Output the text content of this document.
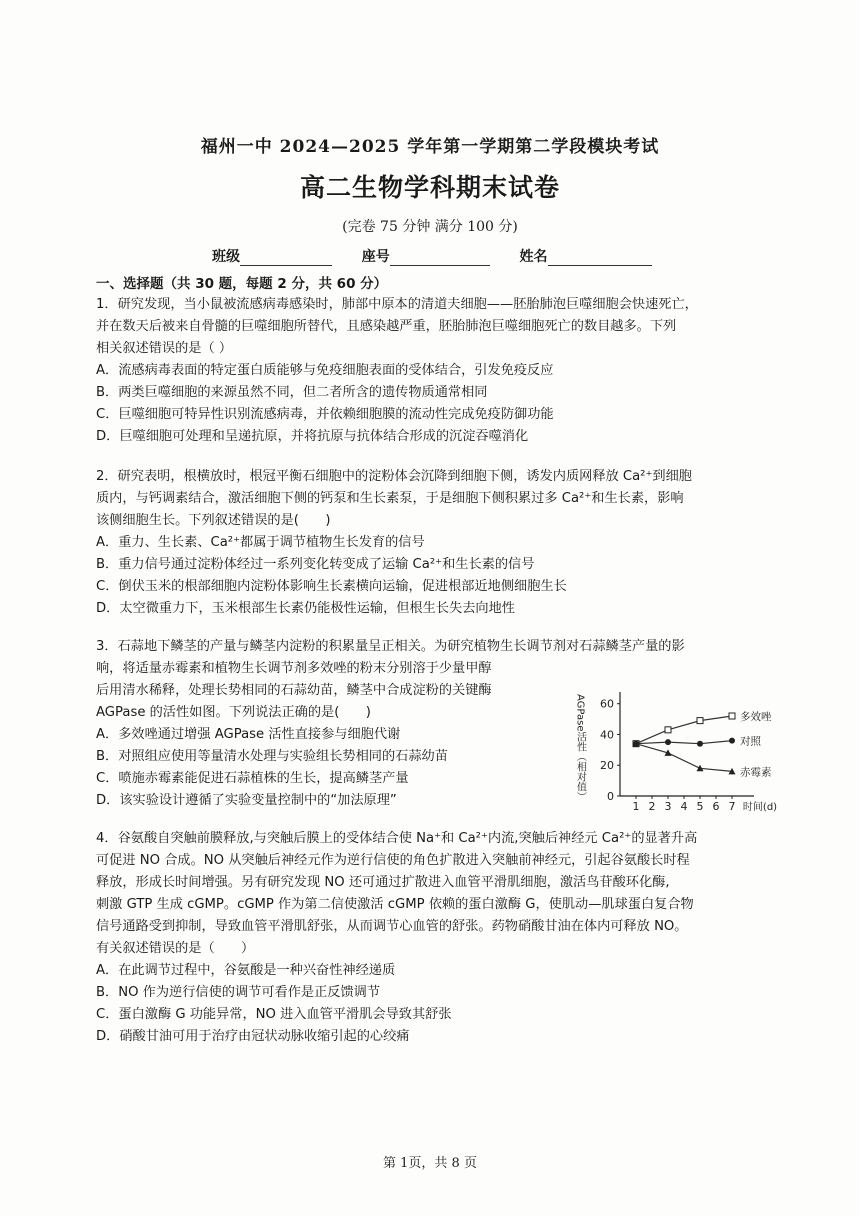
福州一中 2024—2025 学年第一学期第二学段模块考试
高二生物学科期末试卷
(完卷 75 分钟 满分 100 分)
班级	座号	姓名
一、选择题（共 30 题，每题 2 分，共 60 分）

1．研究发现，当小鼠被流感病毒感染时，肺部中原本的清道夫细胞——胚胎肺泡巨噬细胞会快速死亡，

并在数天后被来自骨髓的巨噬细胞所替代，且感染越严重，胚胎肺泡巨噬细胞死亡的数目越多。下列

相关叙述错误的是（ ）

A．流感病毒表面的特定蛋白质能够与免疫细胞表面的受体结合，引发免疫反应

B．两类巨噬细胞的来源虽然不同，但二者所含的遗传物质通常相同

C．巨噬细胞可特异性识别流感病毒，并依赖细胞膜的流动性完成免疫防御功能

D．巨噬细胞可处理和呈递抗原，并将抗原与抗体结合形成的沉淀吞噬消化

2．研究表明，根横放时，根冠平衡石细胞中的淀粉体会沉降到细胞下侧，诱发内质网释放 Ca²⁺到细胞

质内，与钙调素结合，激活细胞下侧的钙泵和生长素泵，于是细胞下侧积累过多 Ca²⁺和生长素，影响

该侧细胞生长。下列叙述错误的是(　　)

A．重力、生长素、Ca²⁺都属于调节植物生长发育的信号

B．重力信号通过淀粉体经过一系列变化转变成了运输 Ca²⁺和生长素的信号

C．倒伏玉米的根部细胞内淀粉体影响生长素横向运输，促进根部近地侧细胞生长

D．太空微重力下，玉米根部生长素仍能极性运输，但根生长失去向地性

3．石蒜地下鳞茎的产量与鳞茎内淀粉的积累量呈正相关。为研究植物生长调节剂对石蒜鳞茎产量的影

响，将适量赤霉素和植物生长调节剂多效唑的粉末分别溶于少量甲醇

后用清水稀释，处理长势相同的石蒜幼苗，鳞茎中合成淀粉的关键酶

AGPase 的活性如图。下列说法正确的是(　　)

A．多效唑通过增强 AGPase 活性直接参与细胞代谢

B．对照组应使用等量清水处理与实验组长势相同的石蒜幼苗

C．喷施赤霉素能促进石蒜植株的生长，提高鳞茎产量

D．该实验设计遵循了实验变量控制中的“加法原理”	0
20
40
60
1 2 3 4 5 6 7 时间(d)
AGPase活性（相对值）	多效唑
对照
赤霉素

4．谷氨酸自突触前膜释放,与突触后膜上的受体结合使 Na⁺和 Ca²⁺内流,突触后神经元 Ca²⁺的显著升高

可促进 NO 合成。NO 从突触后神经元作为逆行信使的角色扩散进入突触前神经元，引起谷氨酸长时程

释放，形成长时间增强。另有研究发现 NO 还可通过扩散进入血管平滑肌细胞，激活鸟苷酸环化酶,

刺激 GTP 生成 cGMP。cGMP 作为第二信使激活 cGMP 依赖的蛋白激酶 G，使肌动—肌球蛋白复合物

信号通路受到抑制，导致血管平滑肌舒张，从而调节心血管的舒张。药物硝酸甘油在体内可释放 NO。

有关叙述错误的是（　　）

A．在此调节过程中，谷氨酸是一种兴奋性神经递质

B．NO 作为逆行信使的调节可看作是正反馈调节

C．蛋白激酶 G 功能异常，NO 进入血管平滑肌会导致其舒张

D．硝酸甘油可用于治疗由冠状动脉收缩引起的心绞痛

第 1页，共 8 页
